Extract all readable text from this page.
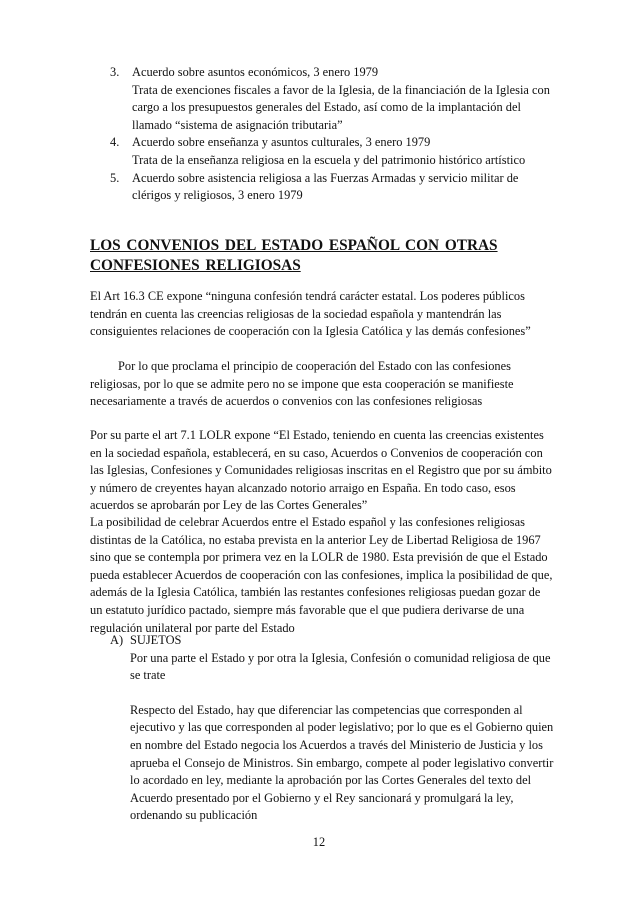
3. Acuerdo sobre asuntos económicos, 3 enero 1979
Trata de exenciones fiscales a favor de la Iglesia, de la financiación de la Iglesia con cargo a los presupuestos generales del Estado, así como de la implantación del llamado “sistema de asignación tributaria”
4. Acuerdo sobre enseñanza y asuntos culturales, 3 enero 1979
Trata de la enseñanza religiosa en la escuela y del patrimonio histórico artístico
5. Acuerdo sobre asistencia religiosa a las Fuerzas Armadas y servicio militar de clérigos y religiosos, 3 enero 1979
LOS CONVENIOS DEL ESTADO ESPAÑOL CON OTRAS CONFESIONES RELIGIOSAS

El Art 16.3 CE expone “ninguna confesión tendrá carácter estatal. Los poderes públicos tendrán en cuenta las creencias religiosas de la sociedad española y mantendrán las consiguientes relaciones de cooperación con la Iglesia Católica y las demás confesiones”

Por lo que proclama el principio de cooperación del Estado con las confesiones religiosas, por lo que se admite pero no se impone que esta cooperación se manifieste necesariamente a través de acuerdos o convenios con las confesiones religiosas

Por su parte el art 7.1 LOLR expone “El Estado, teniendo en cuenta las creencias existentes en la sociedad española, establecerá, en su caso, Acuerdos o Convenios de cooperación con las Iglesias, Confesiones y Comunidades religiosas inscritas en el Registro que por su ámbito y número de creyentes hayan alcanzado notorio arraigo en España. En todo caso, esos acuerdos se aprobarán por Ley de las Cortes Generales”

La posibilidad de celebrar Acuerdos entre el Estado español y las confesiones religiosas distintas de la Católica, no estaba prevista en la anterior Ley de Libertad Religiosa de 1967 sino que se contempla por primera vez en la LOLR de 1980. Esta previsión de que el Estado pueda establecer Acuerdos de cooperación con las confesiones, implica la posibilidad de que, además de la Iglesia Católica, también las restantes confesiones religiosas puedan gozar de un estatuto jurídico pactado, siempre más favorable que el que pudiera derivarse de una regulación unilateral por parte del Estado

A) SUJETOS

Por una parte el Estado y por otra la Iglesia, Confesión o comunidad religiosa de que se trate

Respecto del Estado, hay que diferenciar las competencias que corresponden al ejecutivo y las que corresponden al poder legislativo; por lo que es el Gobierno quien en nombre del Estado negocia los Acuerdos a través del Ministerio de Justicia y los aprueba el Consejo de Ministros. Sin embargo, compete al poder legislativo convertir lo acordado en ley, mediante la aprobación por las Cortes Generales del texto del Acuerdo presentado por el Gobierno y el Rey sancionará y promulgará la ley, ordenando su publicación

12
